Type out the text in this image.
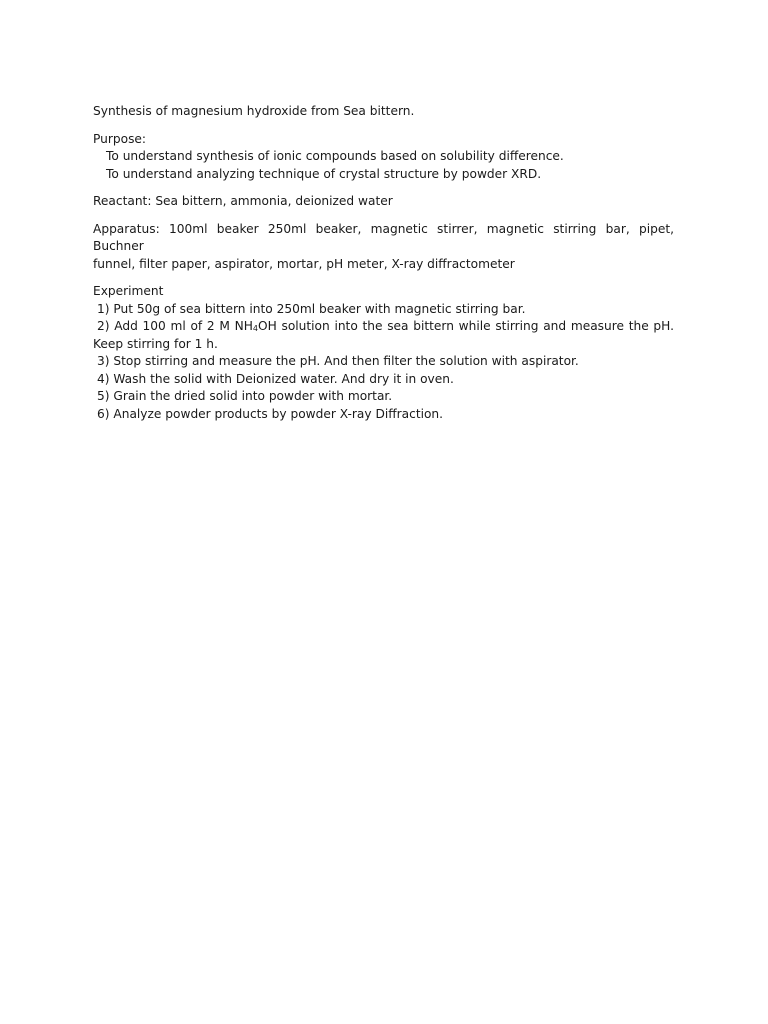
Synthesis of magnesium hydroxide from Sea bittern.

Purpose:

To understand synthesis of ionic compounds based on solubility difference.

To understand analyzing technique of crystal structure by powder XRD.

Reactant: Sea bittern, ammonia, deionized water

Apparatus: 100ml beaker 250ml beaker, magnetic stirrer, magnetic stirring bar, pipet, Buchner

funnel, filter paper, aspirator, mortar, pH meter, X-ray diffractometer

Experiment

1) Put 50g of sea bittern into 250ml beaker with magnetic stirring bar.

2) Add 100 ml of 2 M $NH_4OH$ solution into the sea bittern while stirring and measure the pH.

Keep stirring for 1 h.

3) Stop stirring and measure the pH. And then filter the solution with aspirator.

4) Wash the solid with Deionized water. And dry it in oven.

5) Grain the dried solid into powder with mortar.

6) Analyze powder products by powder X-ray Diffraction.
